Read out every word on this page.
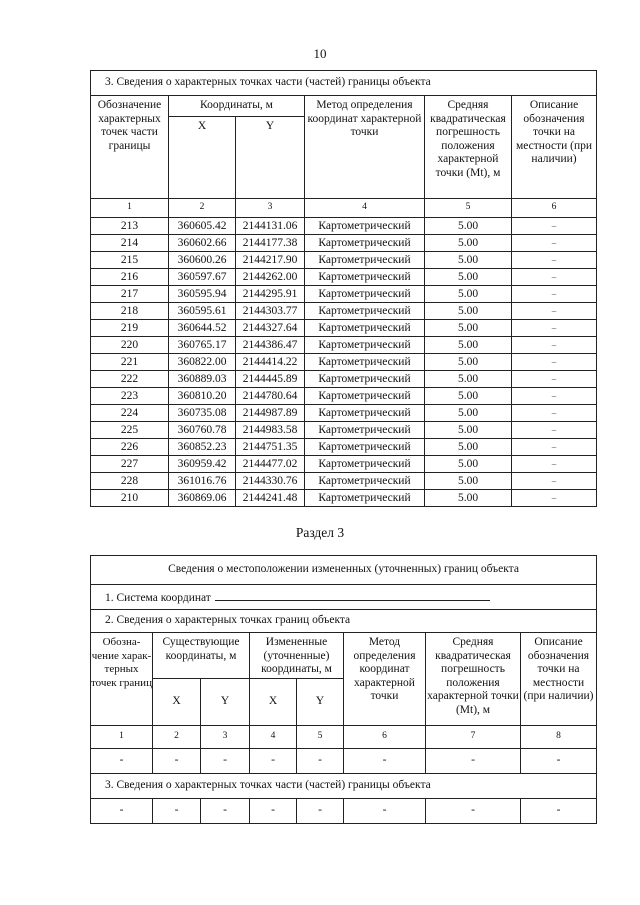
10
3. Сведения о характерных точках части (частей) границы объекта					

Обозначение характерных точек части границы	Координаты, м		Метод определения координат характерной точки	Средняя квадратическая погрешность положения характерной точки (Mt), м	Описание обозначения точки на местности (при наличии)
	X	Y			
1	2	3	4	5	6
213	360605.42	2144131.06	Картометрический	5.00	–
214	360602.66	2144177.38	Картометрический	5.00	–
215	360600.26	2144217.90	Картометрический	5.00	–
216	360597.67	2144262.00	Картометрический	5.00	–
217	360595.94	2144295.91	Картометрический	5.00	–
218	360595.61	2144303.77	Картометрический	5.00	–
219	360644.52	2144327.64	Картометрический	5.00	–
220	360765.17	2144386.47	Картометрический	5.00	–
221	360822.00	2144414.22	Картометрический	5.00	–
222	360889.03	2144445.89	Картометрический	5.00	–
223	360810.20	2144780.64	Картометрический	5.00	–
224	360735.08	2144987.89	Картометрический	5.00	–
225	360760.78	2144983.58	Картометрический	5.00	–
226	360852.23	2144751.35	Картометрический	5.00	–
227	360959.42	2144477.02	Картометрический	5.00	–
228	361016.76	2144330.76	Картометрический	5.00	–
210	360869.06	2144241.48	Картометрический	5.00	–
Раздел 3
Сведения о местоположении измененных (уточненных) границ объекта							
1. Система координат							
2. Сведения о характерных точках границ объекта							
Обозна-чение харак-терных точек границ	Существующие координаты, м		Измененные (уточненные) координаты, м		Метод определения координат характерной точки	Средняя квадратическая погрешность положения характерной точки (Mt), м	Описание обозначения точки на местности (при наличии)
	X	Y	X	Y			
1	2	3	4	5	6	7	8
-	-	-	-	-	-	-	-
3. Сведения о характерных точках части (частей) границы объекта							
-	-	-	-	-	-	-	-
